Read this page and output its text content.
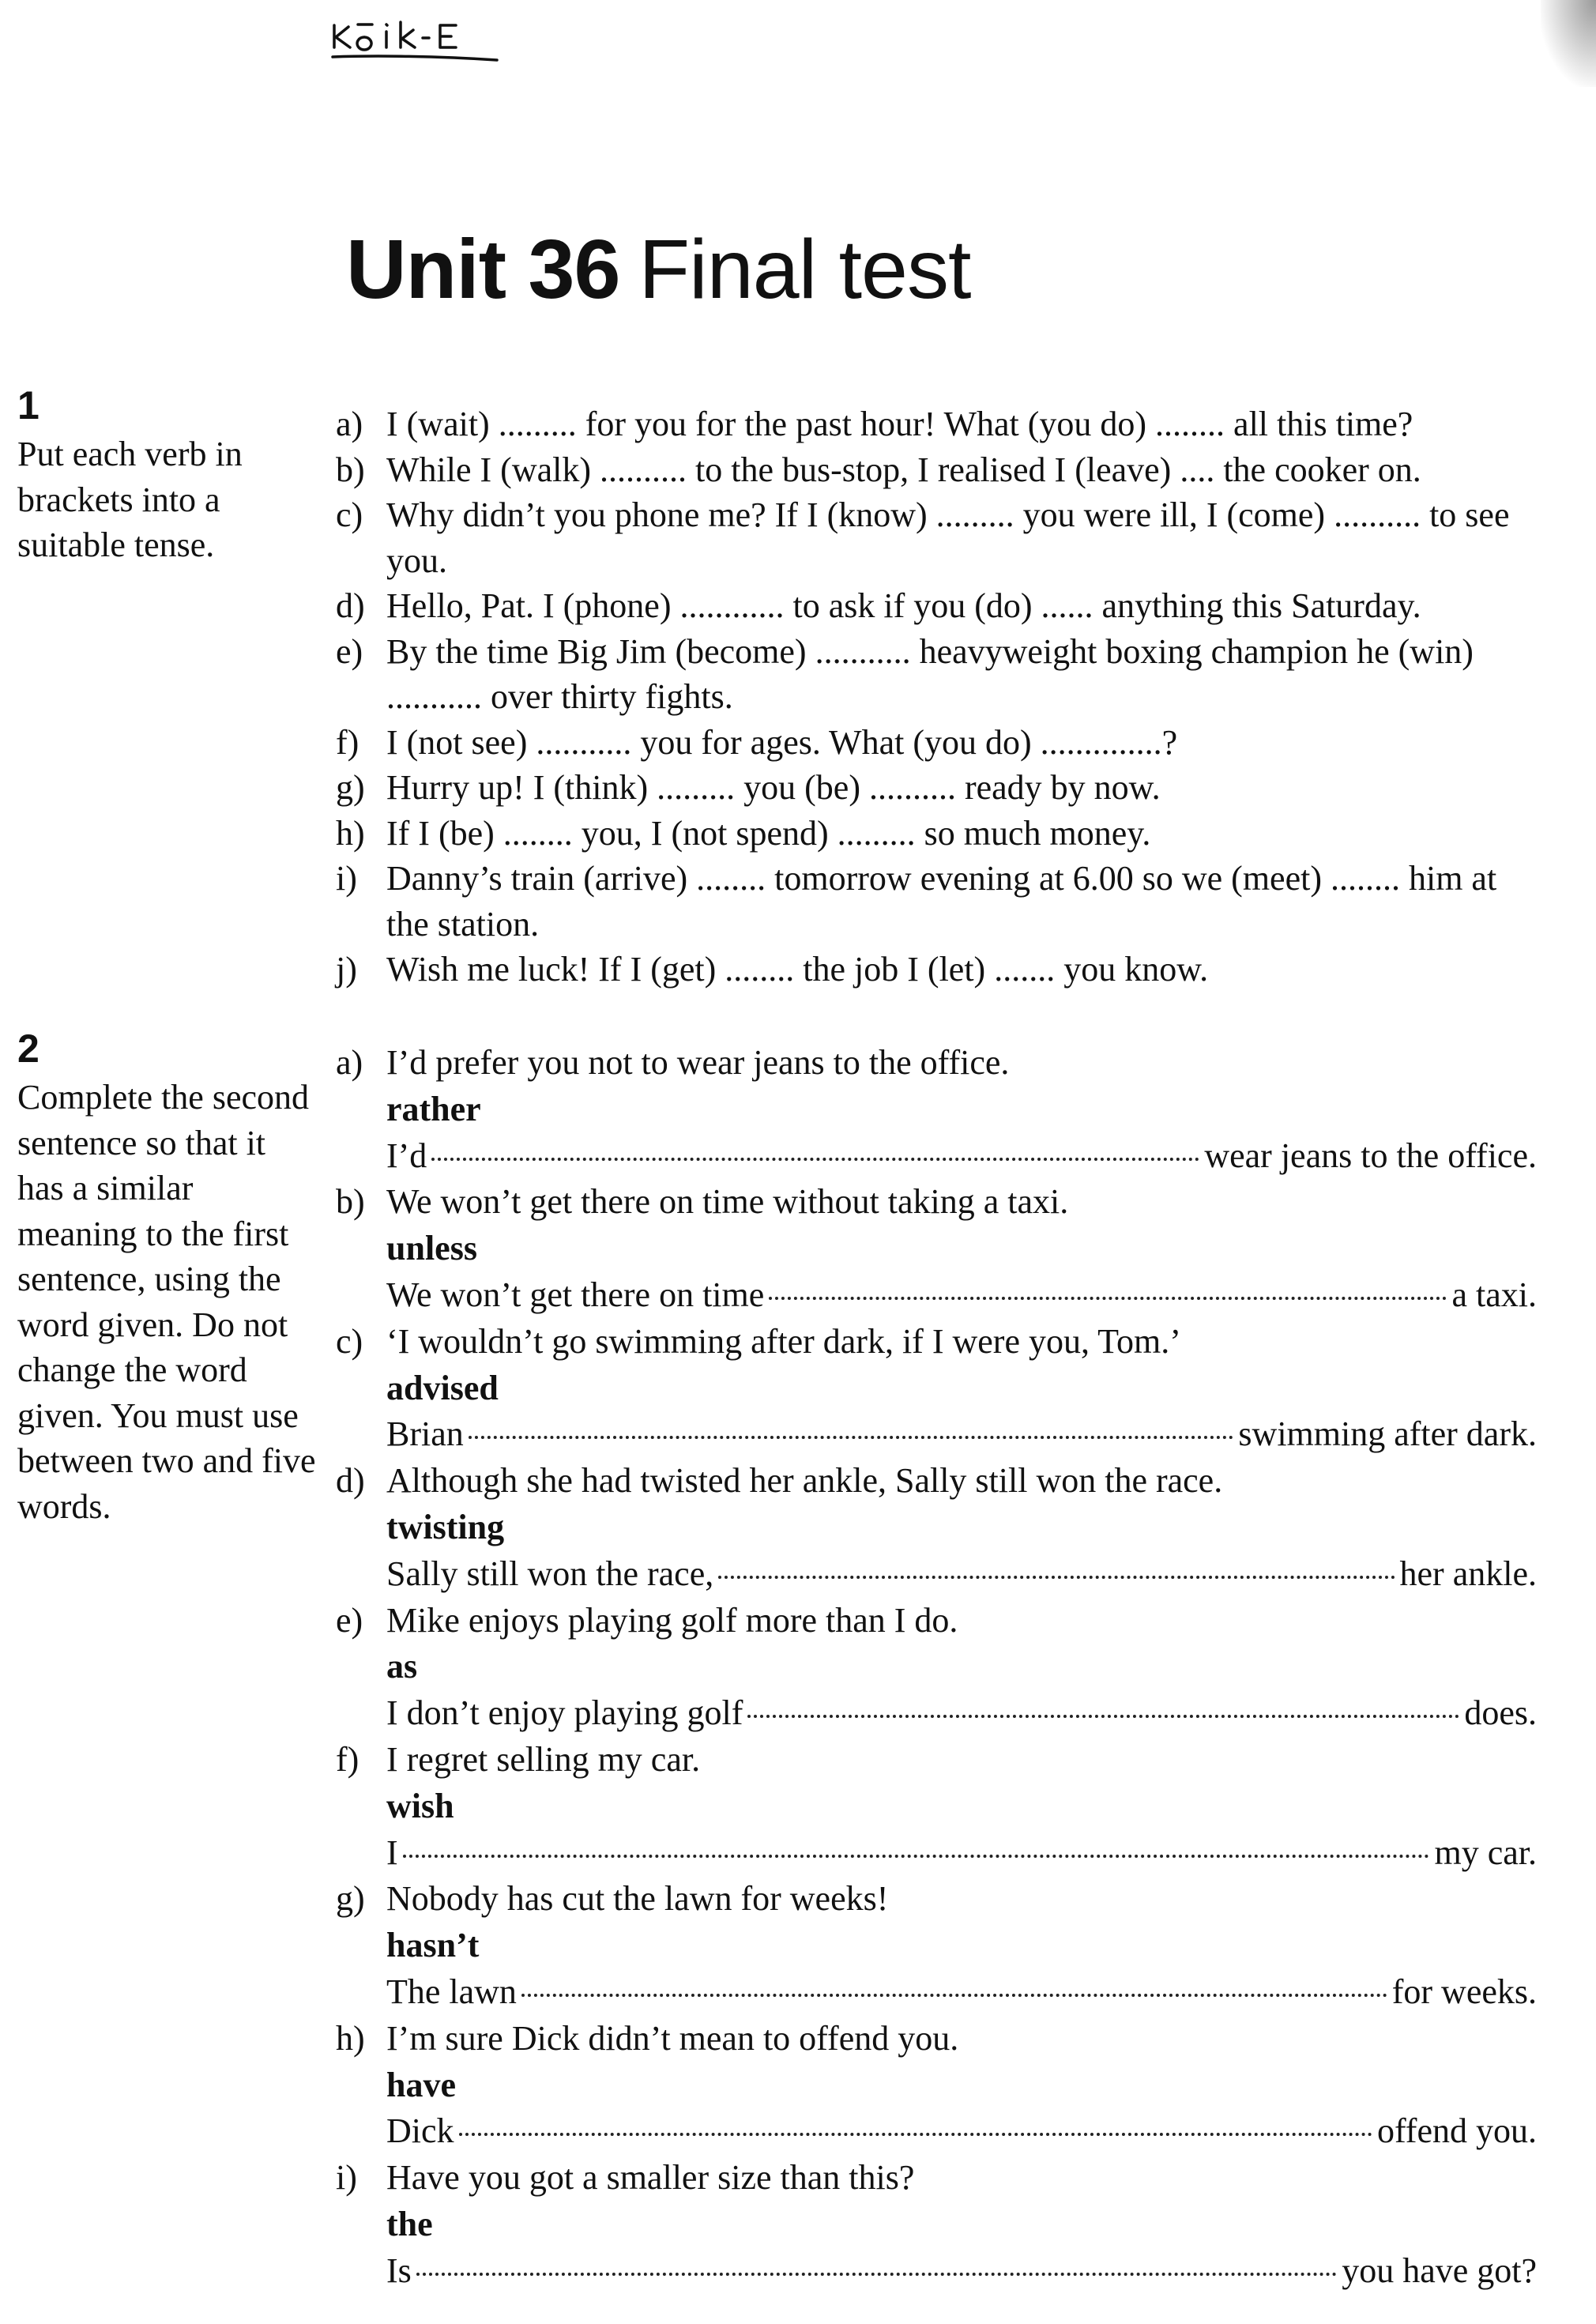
Unit 36 Final test
1
Put each verb in brackets into a suitable tense.
a) I (wait) ......... for you for the past hour! What (you do) ........ all this time?
b) While I (walk) .......... to the bus-stop, I realised I (leave) .... the cooker on.
c) Why didn’t you phone me? If I (know) ......... you were ill, I (come) .......... to see you.
d) Hello, Pat. I (phone) ............ to ask if you (do) ...... anything this Saturday.
e) By the time Big Jim (become) ........... heavyweight boxing champion he (win) ........... over thirty fights.
f) I (not see) ........... you for ages. What (you do) ..............?
g) Hurry up! I (think) ......... you (be) .......... ready by now.
h) If I (be) ........ you, I (not spend) ......... so much money.
i) Danny’s train (arrive) ........ tomorrow evening at 6.00 so we (meet) ........ him at the station.
j) Wish me luck! If I (get) ........ the job I (let) ....... you know.
2
Complete the second sentence so that it has a similar meaning to the first sentence, using the word given. Do not change the word given. You must use between two and five words.
a) I’d prefer you not to wear jeans to the office.
rather
I’d	wear jeans to the office.
b) We won’t get there on time without taking a taxi.
unless
We won’t get there on time	a taxi.
c) ‘I wouldn’t go swimming after dark, if I were you, Tom.’
advised
Brian	swimming after dark.
d) Although she had twisted her ankle, Sally still won the race.
twisting
Sally still won the race,	her ankle.
e) Mike enjoys playing golf more than I do.
as
I don’t enjoy playing golf	does.
f) I regret selling my car.
wish
I	my car.
g) Nobody has cut the lawn for weeks!
hasn’t
The lawn	for weeks.
h) I’m sure Dick didn’t mean to offend you.
have
Dick	offend you.
i) Have you got a smaller size than this?
the
Is	you have got?
